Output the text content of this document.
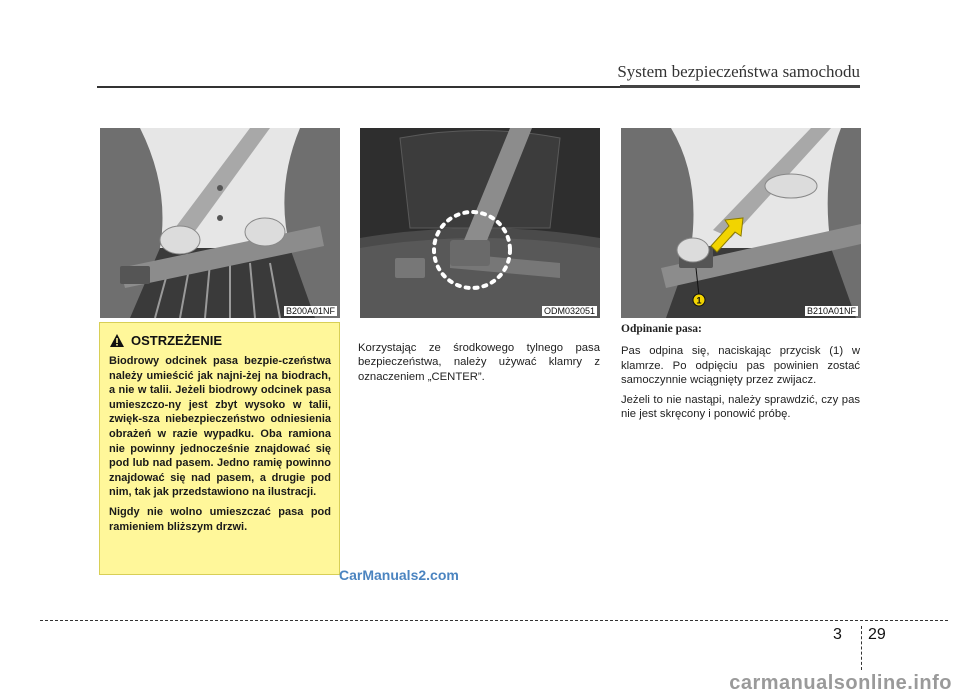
System bezpieczeństwa samochodu
B200A01NF	ODM032051
1
B210A01NF
OSTRZEŻENIE

Biodrowy odcinek pasa bezpie-czeństwa należy umieścić jak najni-żej na biodrach, a nie w talii. Jeżeli biodrowy odcinek pasa umieszczo-ny jest zbyt wysoko w talii, zwięk-sza niebezpieczeństwo odniesienia obrażeń w razie wypadku. Oba ramiona nie powinny jednocześnie znajdować się pod lub nad pasem. Jedno ramię powinno znajdować się nad pasem, a drugie pod nim, tak jak przedstawiono na ilustracji.

Nigdy nie wolno umieszczać pasa pod ramieniem bliższym drzwi.

Korzystając ze środkowego tylnego pasa bezpieczeństwa, należy używać klamry z oznaczeniem „CENTER”.

Odpinanie pasa:

Pas odpina się, naciskając przycisk (1) w klamrze. Po odpięciu pas powinien zostać samoczynnie wciągnięty przez zwijacz.

Jeżeli to nie nastąpi, należy sprawdzić, czy pas nie jest skręcony i ponowić próbę.

CarManuals2.com
3 29
carmanualsonline.info
